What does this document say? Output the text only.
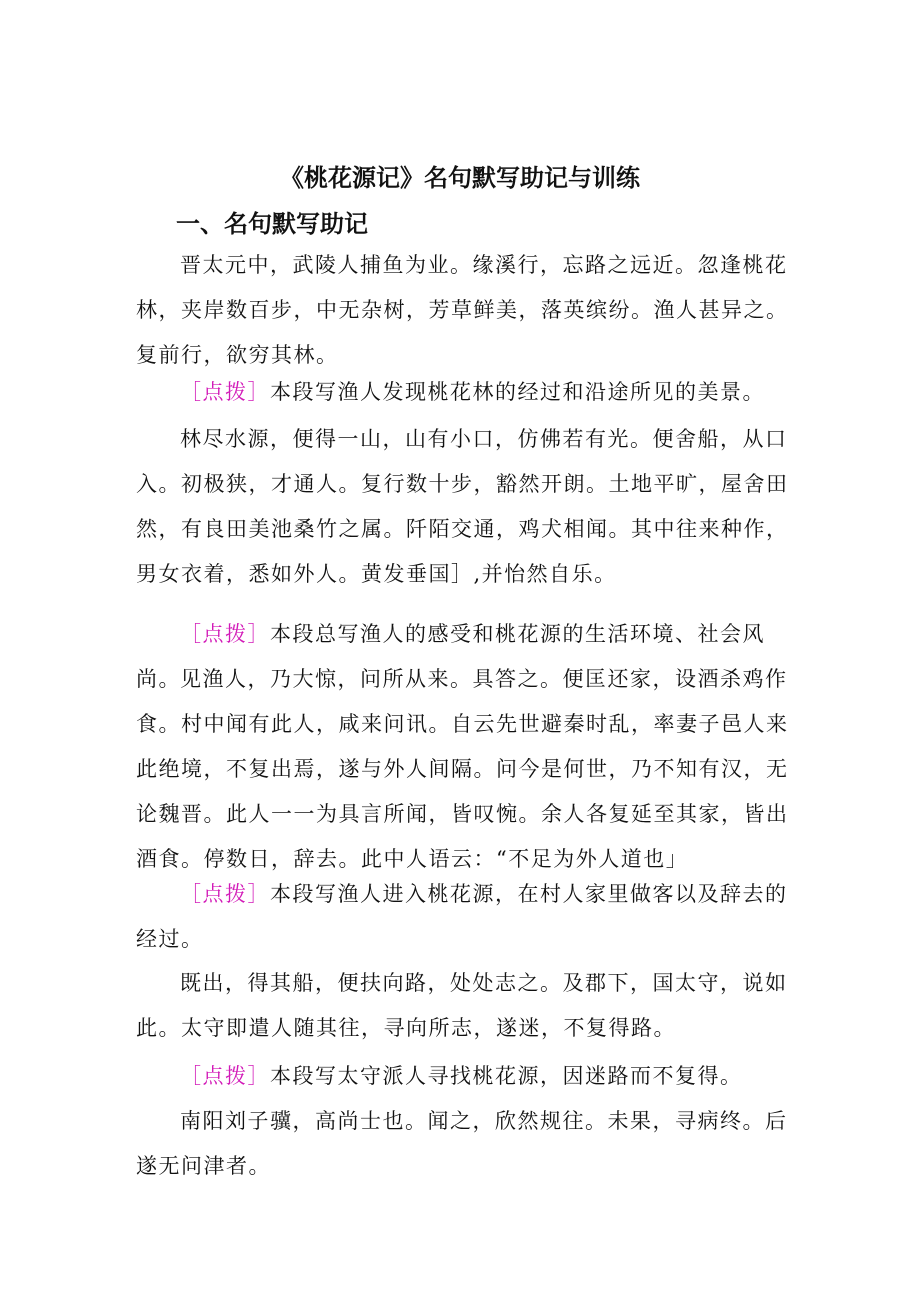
《桃花源记》名句默写助记与训练
一、名句默写助记

晋太元中，武陵人捕鱼为业。缘溪行，忘路之远近。忽逢桃花林，夹岸数百步，中无杂树，芳草鲜美，落英缤纷。渔人甚异之。复前行，欲穷其林。

［点拨］本段写渔人发现桃花林的经过和沿途所见的美景。

林尽水源，便得一山，山有小口，仿佛若有光。便舍船，从口入。初极狭，才通人。复行数十步，豁然开朗。土地平旷，屋舍田然，有良田美池桑竹之属。阡陌交通，鸡犬相闻。其中往来种作，男女衣着，悉如外人。黄发垂国］,并怡然自乐。

［点拨］本段总写渔人的感受和桃花源的生活环境、社会风尚。 见渔人，乃大惊，问所从来。具答之。便匡还家，设酒杀鸡作食。村中闻有此人，咸来问讯。自云先世避秦时乱，率妻子邑人来此绝境，不复出焉，遂与外人间隔。问今是何世，乃不知有汉，无论魏晋。此人一一为具言所闻，皆叹惋。余人各复延至其家，皆出酒食。停数日，辞去。此中人语云：“不足为外人道也」

［点拨］本段写渔人进入桃花源，在村人家里做客以及辞去的经过。

既出，得其船，便扶向路，处处志之。及郡下，国太守，说如此。太守即遣人随其往，寻向所志，遂迷，不复得路。

［点拨］本段写太守派人寻找桃花源，因迷路而不复得。

南阳刘子骥，高尚士也。闻之，欣然规往。未果，寻病终。后遂无问津者。
